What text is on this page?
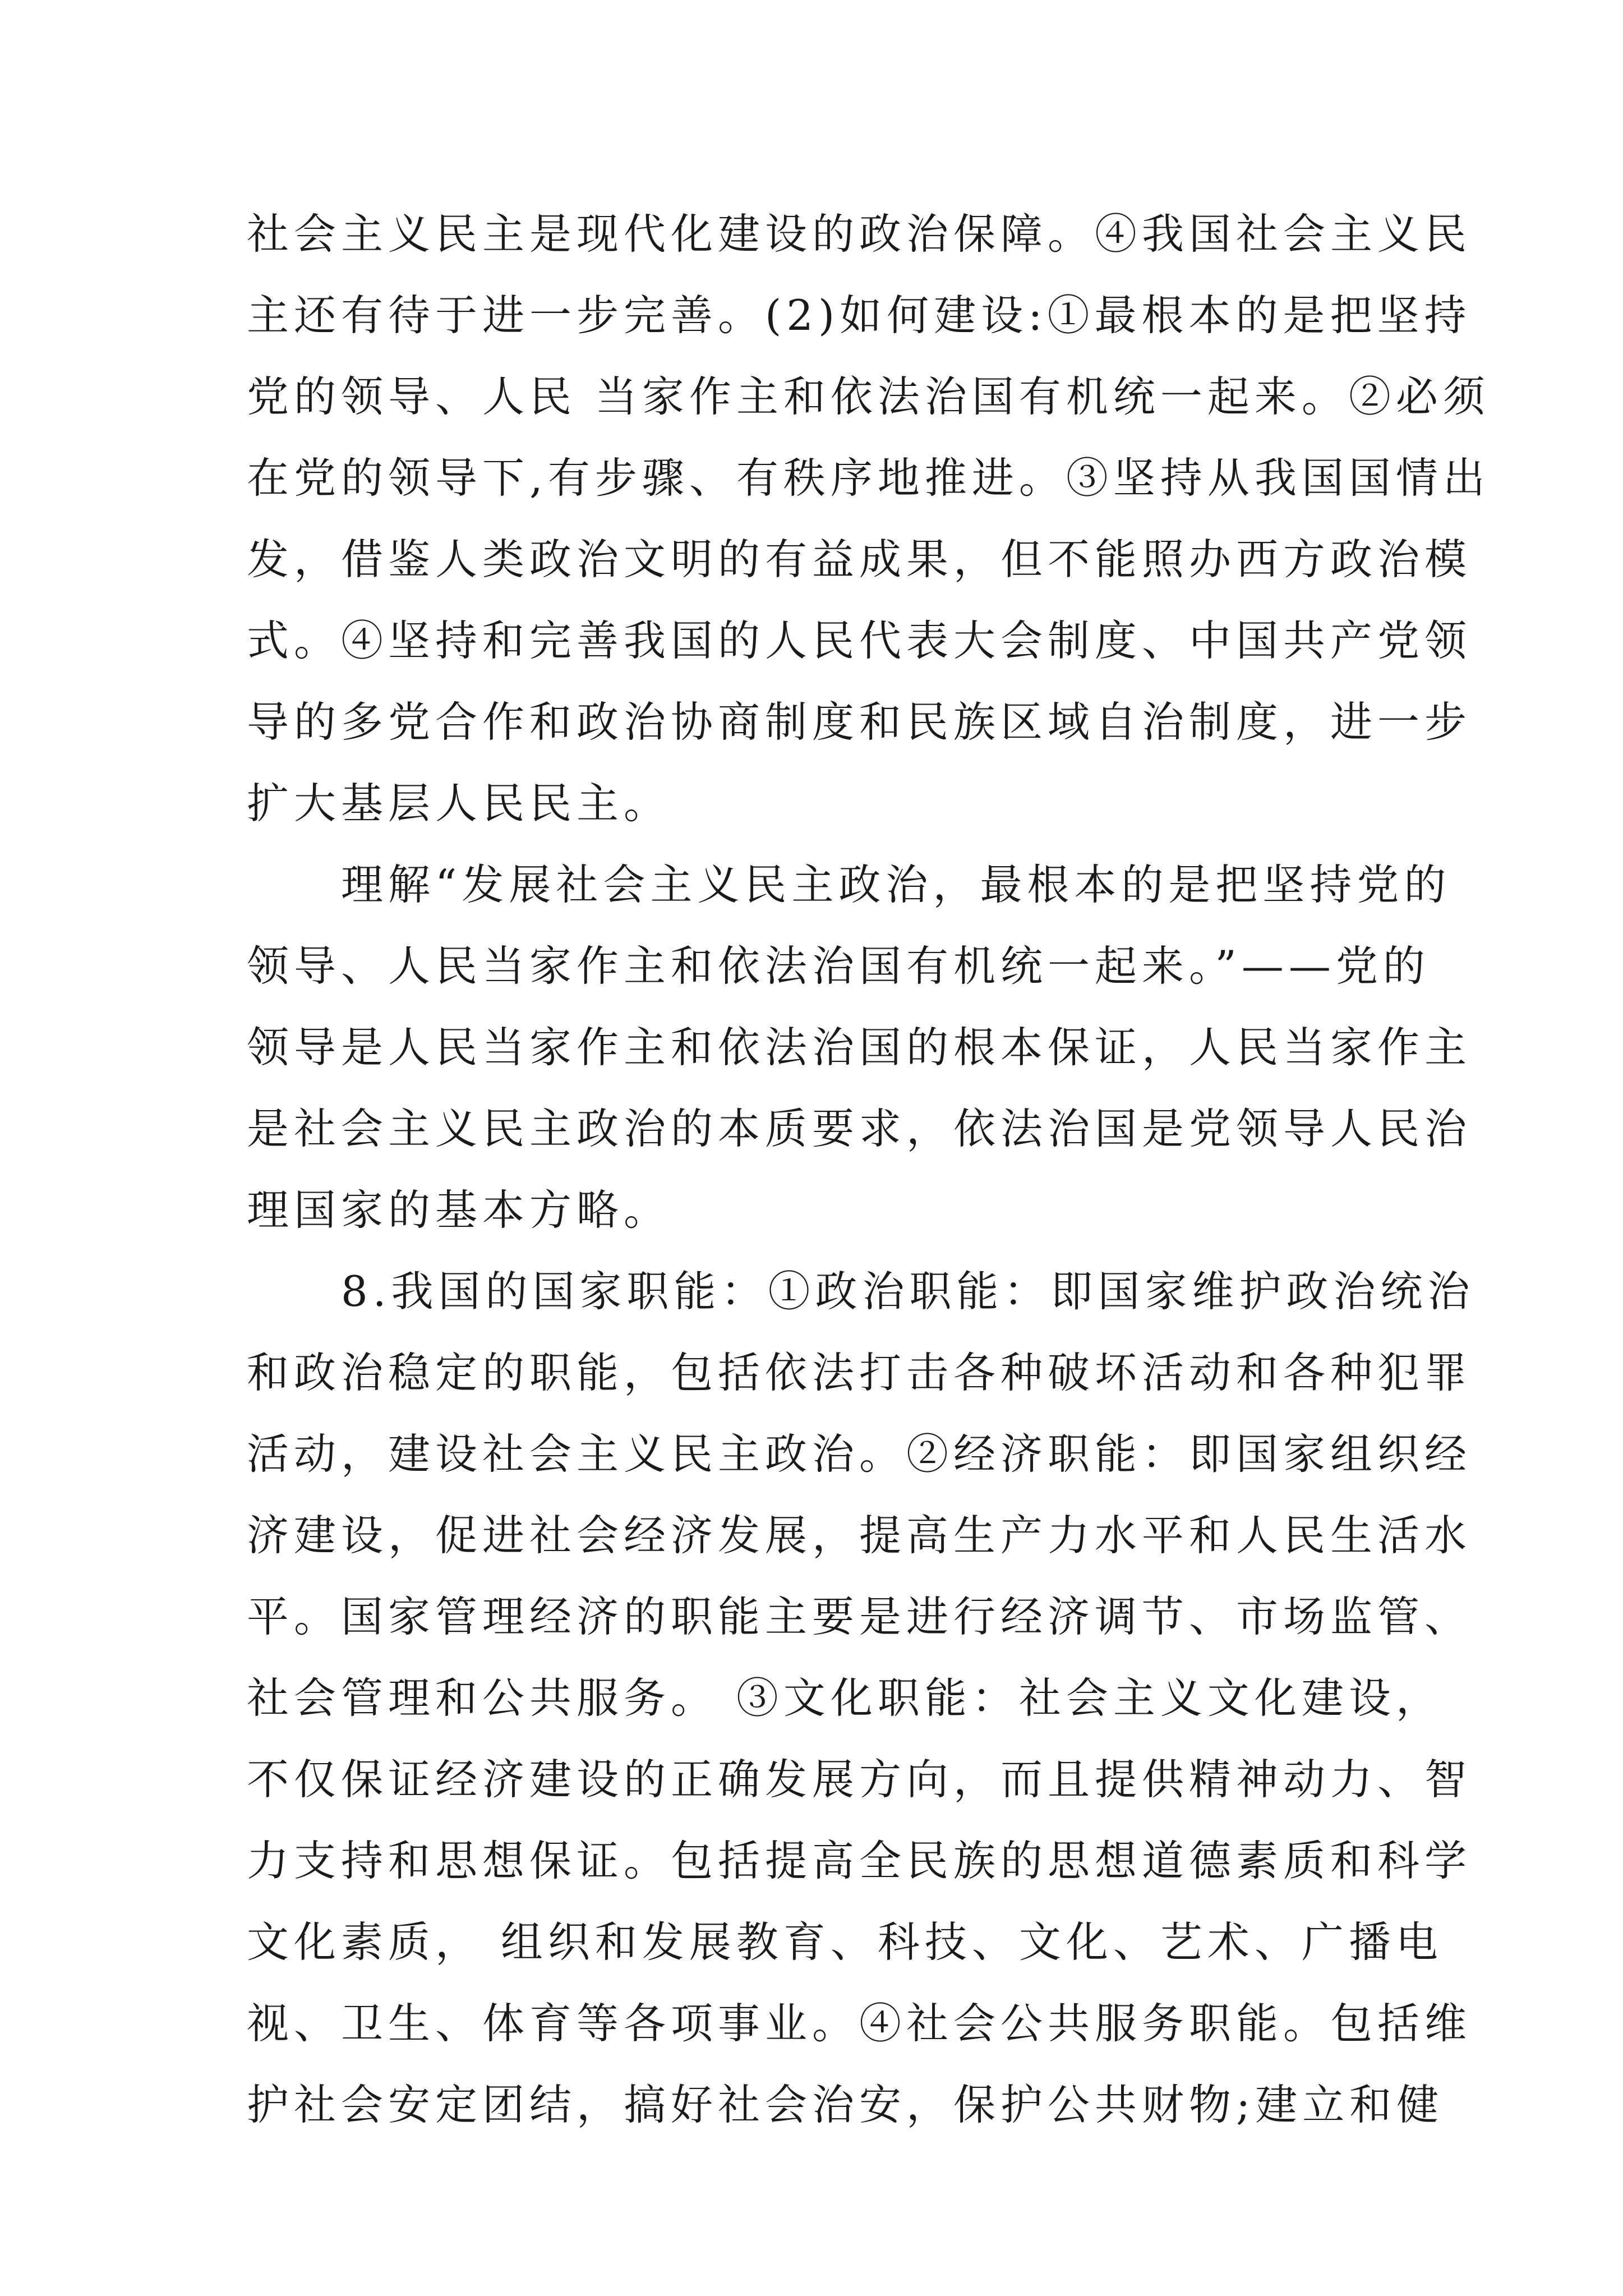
社会主义民主是现代化建设的政治保障。④我国社会主义民
主还有待于进一步完善。(2)如何建设:①最根本的是把坚持
党的领导、人民 当家作主和依法治国有机统一起来。②必须
在党的领导下,有步骤、有秩序地推进。③坚持从我国国情出
发，借鉴人类政治文明的有益成果，但不能照办西方政治模
式。④坚持和完善我国的人民代表大会制度、中国共产党领
导的多党合作和政治协商制度和民族区域自治制度，进一步
扩大基层人民民主。
　　理解“发展社会主义民主政治，最根本的是把坚持党的
领导、人民当家作主和依法治国有机统一起来。”——党的
领导是人民当家作主和依法治国的根本保证，人民当家作主
是社会主义民主政治的本质要求，依法治国是党领导人民治
理国家的基本方略。
　　8.我国的国家职能：①政治职能：即国家维护政治统治
和政治稳定的职能，包括依法打击各种破坏活动和各种犯罪
活动，建设社会主义民主政治。②经济职能：即国家组织经
济建设，促进社会经济发展，提高生产力水平和人民生活水
平。国家管理经济的职能主要是进行经济调节、市场监管、
社会管理和公共服务。 ③文化职能：社会主义文化建设，
不仅保证经济建设的正确发展方向，而且提供精神动力、智
力支持和思想保证。包括提高全民族的思想道德素质和科学
文化素质， 组织和发展教育、科技、文化、艺术、广播电
视、卫生、体育等各项事业。④社会公共服务职能。包括维
护社会安定团结，搞好社会治安，保护公共财物;建立和健
